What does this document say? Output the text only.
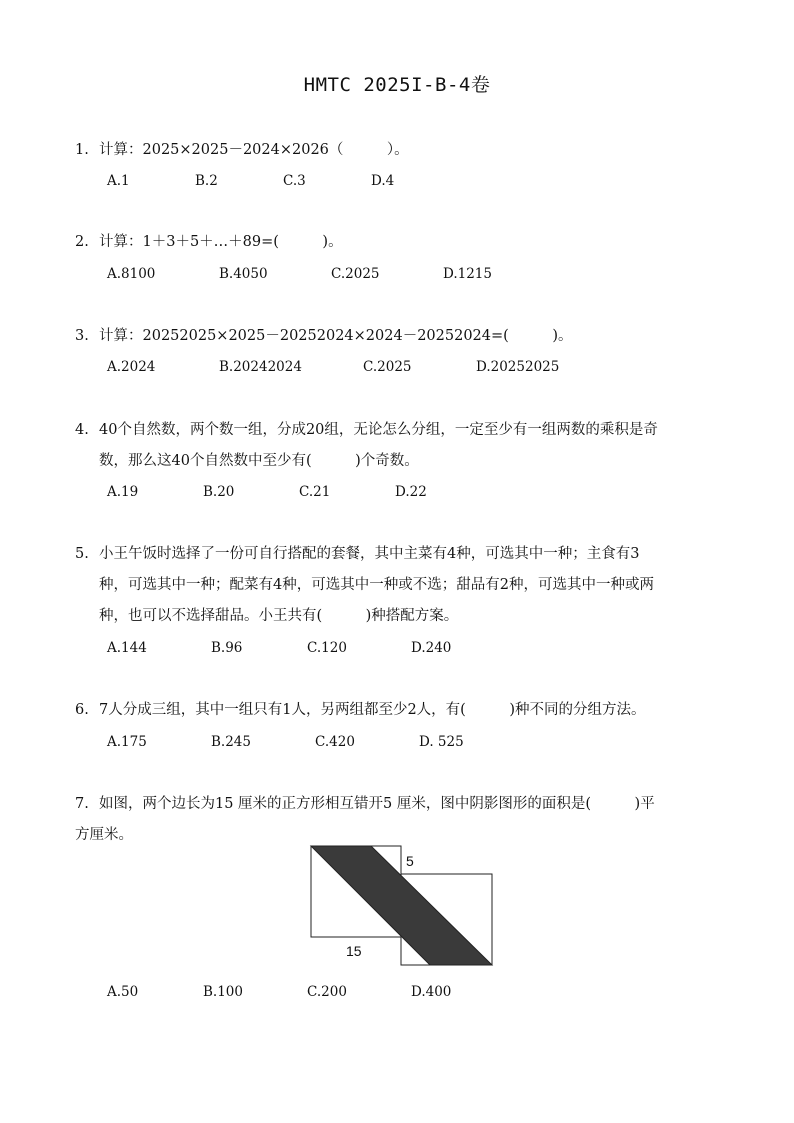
HMTC 2025I-B-4卷
1. 计算：2025×2025－2024×2026（　　　）。
A.1	B.2	C.3	D.4
2. 计算：1＋3＋5＋…＋89=(　　　)。
A.8100	B.4050	C.2025	D.1215
3. 计算：20252025×2025－20252024×2024－20252024=(　　　)。
A.2024	B.20242024	C.2025	D.20252025
4. 40个自然数，两个数一组，分成20组，无论怎么分组，一定至少有一组两数的乘积是奇
数，那么这40个自然数中至少有(　　　)个奇数。
A.19	B.20	C.21	D.22
5. 小王午饭时选择了一份可自行搭配的套餐，其中主菜有4种，可选其中一种；主食有3
种，可选其中一种；配菜有4种，可选其中一种或不选；甜品有2种，可选其中一种或两
种，也可以不选择甜品。小王共有(　　　)种搭配方案。
A.144	B.96	C.120	D.240
6. 7人分成三组，其中一组只有1人，另两组都至少2人，有(　　　)种不同的分组方法。
A.175	B.245	C.420	D. 525
7. 如图，两个边长为15 厘米的正方形相互错开5 厘米，图中阴影图形的面积是(　　　)平
方厘米。
5
15
A.50	B.100	C.200	D.400
